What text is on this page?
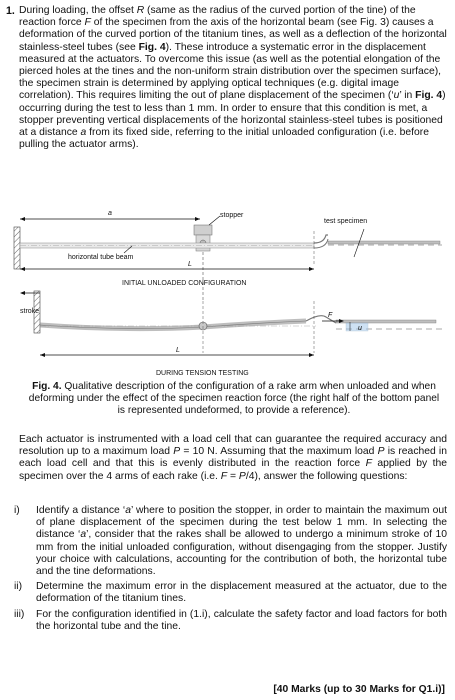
1. During loading, the offset R (same as the radius of the curved portion of the tine) of the reaction force F of the specimen from the axis of the horizontal beam (see Fig. 3) causes a deformation of the curved portion of the titanium tines, as well as a deflection of the horizontal stainless-steel tubes (see Fig. 4). These introduce a systematic error in the displacement measured at the actuators. To overcome this issue (as well as the potential elongation of the pierced holes at the tines and the non-uniform strain distribution over the specimen surface), the specimen strain is determined by applying optical techniques (e.g. digital image correlation). This requires limiting the out of plane displacement of the specimen (‘u’ in Fig. 4) occurring during the test to less than 1 mm. In order to ensure that this condition is met, a stopper preventing vertical displacements of the horizontal stainless-steel tubes is positioned at a distance a from its fixed side, referring to the initial unloaded configuration (i.e. before pulling the actuator arms).
a	stopper
test specimen
horizontal tube beam
L
INITIAL UNLOADED CONFIGURATION
stroke
F
u
L
DURING TENSION TESTING
Fig. 4. Qualitative description of the configuration of a rake arm when unloaded and when deforming under the effect of the specimen reaction force (the right half of the bottom panel is represented undeformed, to provide a reference).
Each actuator is instrumented with a load cell that can guarantee the required accuracy and resolution up to a maximum load P = 10 N. Assuming that the maximum load P is reached in each load cell and that this is evenly distributed in the reaction force F applied by the specimen over the 4 arms of each rake (i.e. F = P/4), answer the following questions:
i) Identify a distance ‘a’ where to position the stopper, in order to maintain the maximum out of plane displacement of the specimen during the test below 1 mm. In selecting the distance ‘a’, consider that the rakes shall be allowed to undergo a minimum stroke of 10 mm from the initial unloaded configuration, without disengaging from the stopper. Justify your choice with calculations, accounting for the contribution of both, the horizontal tube and the tine deformations.
ii) Determine the maximum error in the displacement measured at the actuator, due to the deformation of the titanium tines.
iii) For the configuration identified in (1.i), calculate the safety factor and load factors for both the horizontal tube and the tine.
[40 Marks (up to 30 Marks for Q1.i)]
